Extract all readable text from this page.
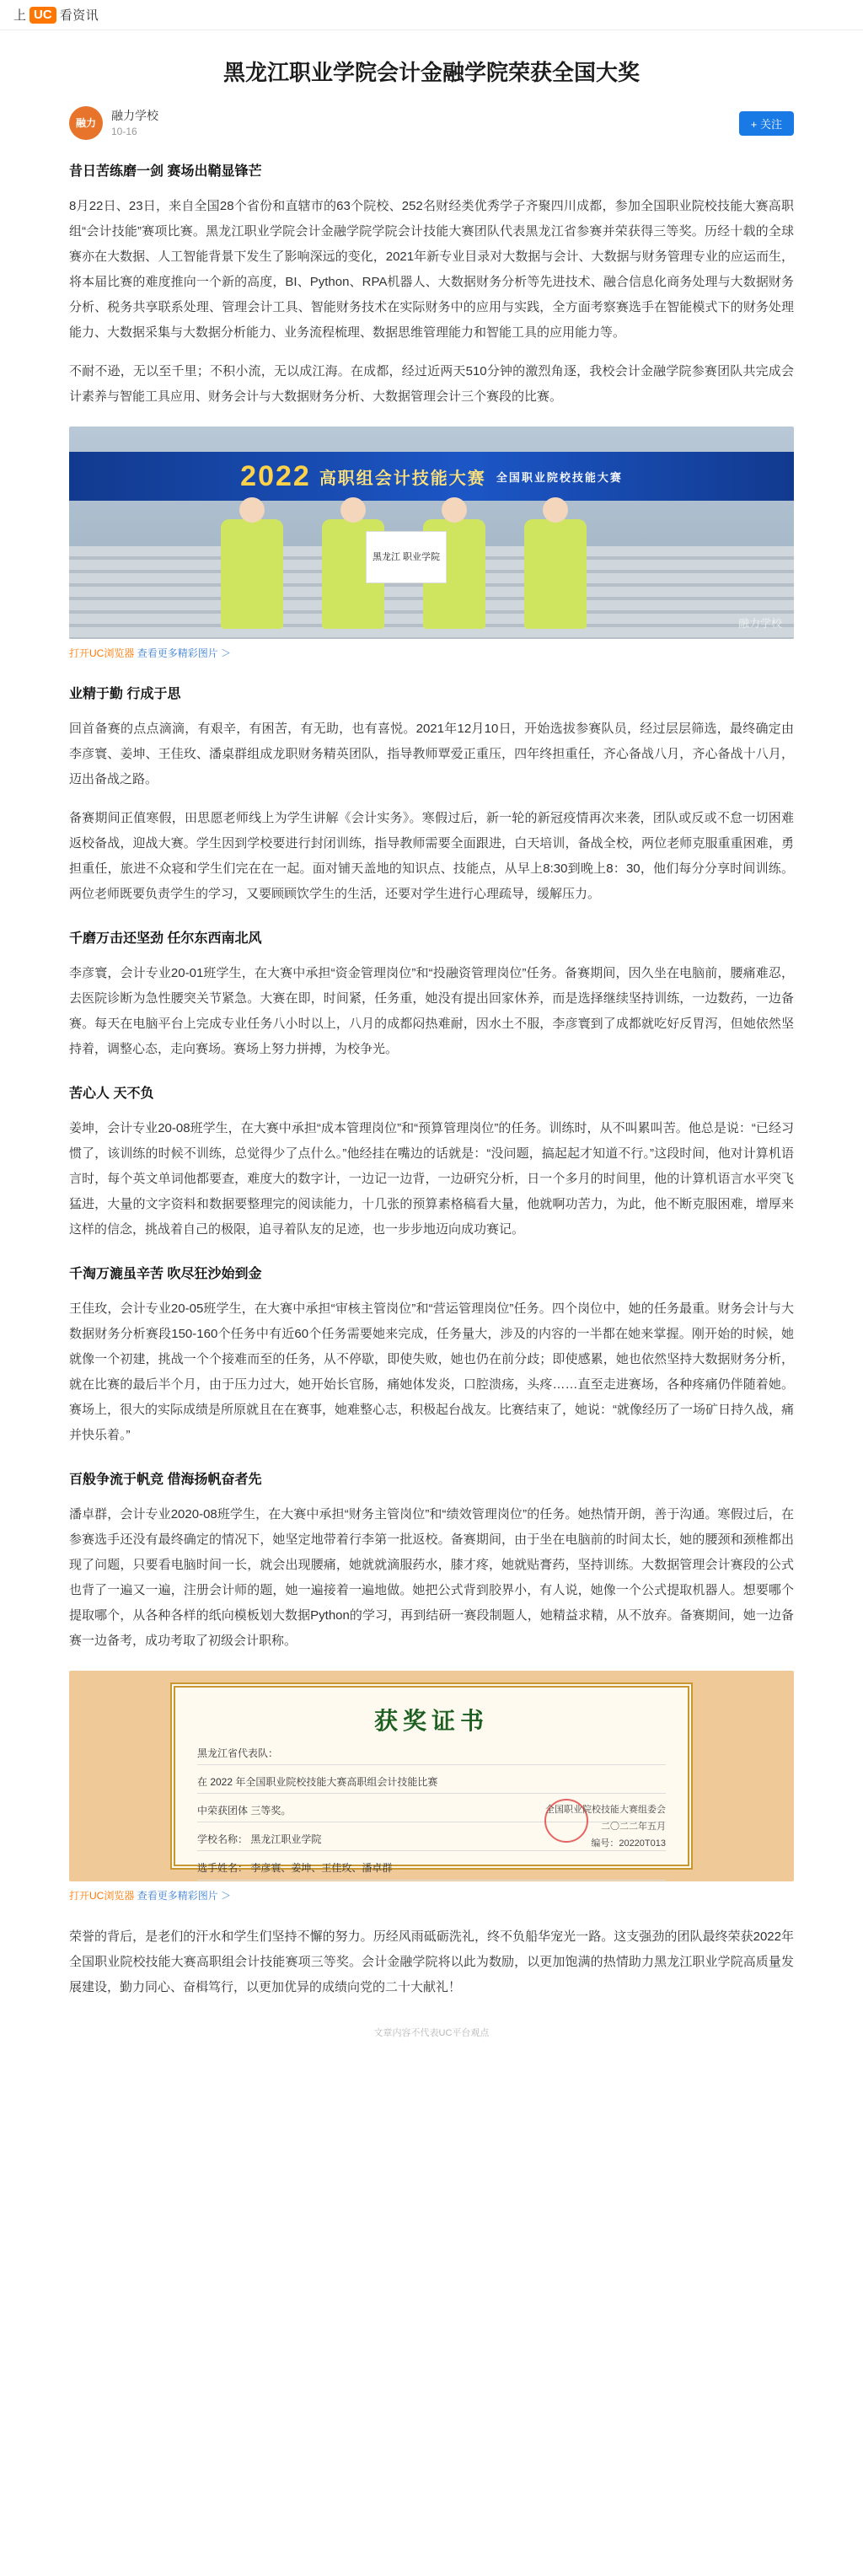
上 UC 看资讯
黑龙江职业学院会计金融学院荣获全国大奖
融力
融力学校
10-16
+ 关注
昔日苦练磨一剑 赛场出鞘显锋芒

8月22日、23日，来自全国28个省份和直辖市的63个院校、252名财经类优秀学子齐聚四川成都，参加全国职业院校技能大赛高职组“会计技能”赛项比赛。黑龙江职业学院会计金融学院学院会计技能大赛团队代表黑龙江省参赛并荣获得三等奖。历经十载的全球赛亦在大数据、人工智能背景下发生了影响深远的变化，2021年新专业目录对大数据与会计、大数据与财务管理专业的应运而生，将本届比赛的难度推向一个新的高度，BI、Python、RPA机器人、大数据财务分析等先进技术、融合信息化商务处理与大数据财务分析、税务共享联系处理、管理会计工具、智能财务技术在实际财务中的应用与实践，全方面考察赛选手在智能模式下的财务处理能力、大数据采集与大数据分析能力、业务流程梳理、数据思维管理能力和智能工具的应用能力等。

不耐不逊，无以至千里；不积小流，无以成江海。在成都，经过近两天510分钟的激烈角逐，我校会计金融学院参赛团队共完成会计素养与智能工具应用、财务会计与大数据财务分析、大数据管理会计三个赛段的比赛。

2022 高职组会计技能大赛 全国职业院校技能大赛
黑龙江 职业学院
融力学校
打开UC浏览器 查看更多精彩图片 ＞
业精于勤 行成于思

回首备赛的点点滴滴，有艰辛，有困苦，有无助，也有喜悦。2021年12月10日，开始选拔参赛队员，经过层层筛选，最终确定由李彦寰、姜坤、王佳玫、潘桌群组成龙职财务精英团队，指导教师覃爱正重压，四年终担重任，齐心备战八月，齐心备战十八月，迈出备战之路。

备赛期间正值寒假，田思愿老师线上为学生讲解《会计实务》。寒假过后，新一轮的新冠疫情再次来袭，团队或反或不怠一切困难返校备战，迎战大赛。学生因到学校要进行封闭训练，指导教师需要全面跟进，白天培训，备战全校，两位老师克服重重困难，勇担重任，旅进不众寝和学生们完在在一起。面对铺天盖地的知识点、技能点，从早上8:30到晚上8：30，他们每分分享时间训练。两位老师既要负责学生的学习，又要顾顾饮学生的生活，还要对学生进行心理疏导，缓解压力。

千磨万击还坚劲 任尔东西南北风

李彦寰，会计专业20-01班学生，在大赛中承担“资金管理岗位”和“投融资管理岗位”任务。备赛期间，因久坐在电脑前，腰痛难忍，去医院诊断为急性腰突关节紧急。大赛在即，时间紧，任务重，她没有提出回家休养，而是选择继续坚持训练，一边数药，一边备赛。每天在电脑平台上完成专业任务八小时以上，八月的成都闷热难耐，因水土不服，李彦寰到了成都就吃好反胃泻，但她依然坚持着，调整心态，走向赛场。赛场上努力拼搏，为校争光。

苦心人 天不负

姜坤，会计专业20-08班学生，在大赛中承担“成本管理岗位”和“预算管理岗位”的任务。训练时，从不叫累叫苦。他总是说：“已经习惯了，该训练的时候不训练，总觉得少了点什么。”他经挂在嘴边的话就是：“没问题，搞起起才知道不行。”这段时间，他对计算机语言时，每个英文单词他都要查，难度大的数字计，一边记一边背，一边研究分析，日一个多月的时间里，他的计算机语言水平突飞猛进，大量的文字资料和数据要整理完的阅读能力，十几张的预算素格稿看大量，他就啊功苦力，为此，他不断克服困难，增厚来这样的信念，挑战着自己的极限，追寻着队友的足迹，也一步步地迈向成功赛记。

千淘万漉虽辛苦 吹尽狂沙始到金

王佳玫，会计专业20-05班学生，在大赛中承担“审核主管岗位”和“营运管理岗位”任务。四个岗位中，她的任务最重。财务会计与大数据财务分析赛段150-160个任务中有近60个任务需要她来完成，任务量大，涉及的内容的一半都在她来掌握。刚开始的时候，她就像一个初建，挑战一个个接难而至的任务，从不停歇，即使失败，她也仍在前分歧；即使感累，她也依然坚持大数据财务分析，就在比赛的最后半个月，由于压力过大，她开始长官肠，痛她体发炎，口腔溃疡，头疼……直至走进赛场，各种疼痛仍伴随着她。赛场上，很大的实际成绩是所原就且在在赛事，她难整心志，积极起台战友。比赛结束了，她说：“就像经历了一场矿日持久战，痛并快乐着。”

百般争流于帆竞 借海扬帆奋者先

潘卓群，会计专业2020-08班学生，在大赛中承担“财务主管岗位”和“绩效管理岗位”的任务。她热情开朗，善于沟通。寒假过后，在参赛选手还没有最终确定的情况下，她坚定地带着行李第一批返校。备赛期间，由于坐在电脑前的时间太长，她的腰颈和颈椎都出现了问题，只要看电脑时间一长，就会出现腰痛，她就就滴服药水，膝才疼，她就贴膏药，坚持训练。大数据管理会计赛段的公式也背了一遍又一遍，注册会计师的题，她一遍接着一遍地做。她把公式背到胶界小，有人说，她像一个公式提取机器人。想要哪个提取哪个，从各种各样的纸向模板划大数据Python的学习，再到结研一赛段制题人，她精益求精，从不放弃。备赛期间，她一边备赛一边备考，成功考取了初级会计职称。

获奖证书
黑龙江省代表队：
在 2022 年全国职业院校技能大赛高职组会计技能比赛
中荣获团体 三等奖。
学校名称： 黑龙江职业学院
选手姓名： 李彦寰、姜坤、王佳玫、潘卓群
全国职业院校技能大赛组委会
二〇二二年五月
编号：20220T013
打开UC浏览器 查看更多精彩图片 ＞

荣誉的背后，是老们的汗水和学生们坚持不懈的努力。历经风雨砥砺洗礼，终不负船华宠光一路。这支强劲的团队最终荣获2022年全国职业院校技能大赛高职组会计技能赛项三等奖。会计金融学院将以此为数励，以更加饱满的热情助力黑龙江职业学院高质量发展建设，勤力同心、奋楫笃行，以更加优异的成绩向党的二十大献礼！

文章内容不代表UC平台观点
